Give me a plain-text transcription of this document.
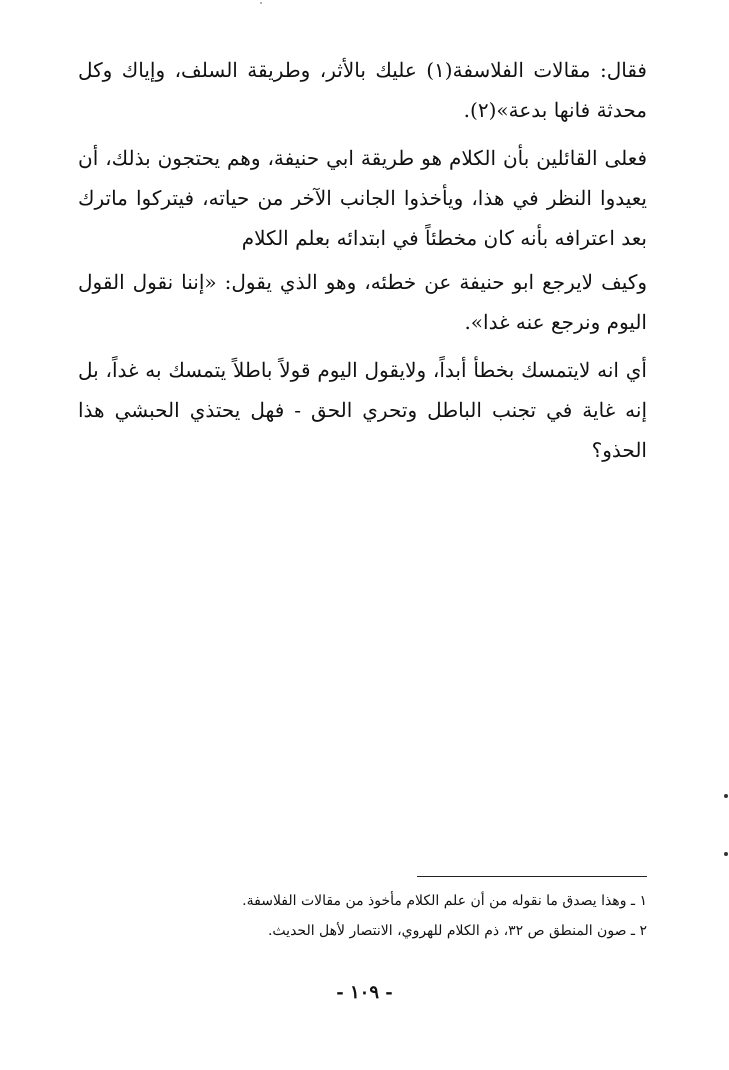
فقال: مقالات الفلاسفة(١) عليك بالأثر، وطريقة السلف، وإياك وكل محدثة فانها بدعة»(٢).

فعلى القائلين بأن الكلام هو طريقة ابي حنيفة، وهم يحتجون بذلك، أن يعيدوا النظر في هذا، ويأخذوا الجانب الآخر من حياته، فيتركوا ماترك بعد اعترافه بأنه كان مخطئاً في ابتدائه بعلم الكلام

وكيف لايرجع ابو حنيفة عن خطئه، وهو الذي يقول: «إننا نقول القول اليوم ونرجع عنه غدا».

أي انه لايتمسك بخطأ أبداً، ولايقول اليوم قولاً باطلاً يتمسك به غداً، بل إنه غاية في تجنب الباطل وتحري الحق - فهل يحتذي الحبشي هذا الحذو؟

١ ـ وهذا يصدق ما نقوله من أن علم الكلام مأخوذ من مقالات الفلاسفة.

٢ ـ صون المنطق ص ٣٢، ذم الكلام للهروي، الانتصار لأهل الحديث.

- ١٠٩ -
